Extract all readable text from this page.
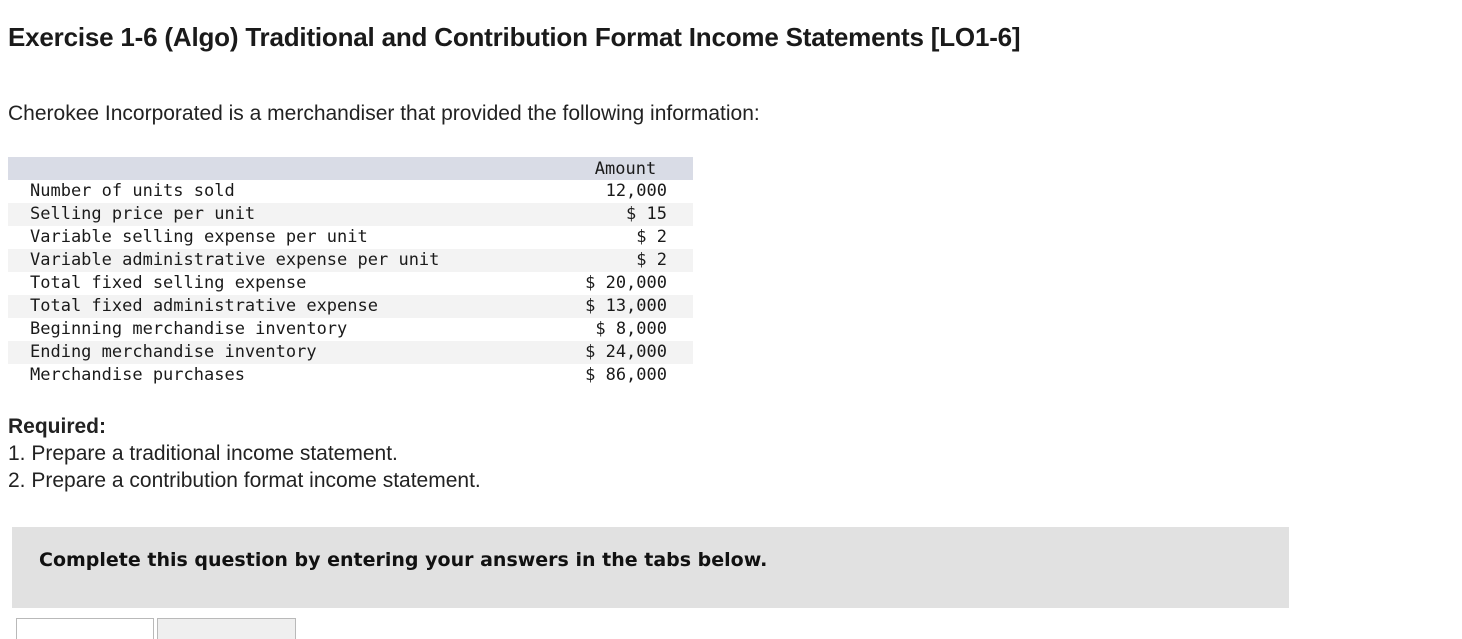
Exercise 1-6 (Algo) Traditional and Contribution Format Income Statements [LO1-6]
Cherokee Incorporated is a merchandiser that provided the following information:
	Amount
Number of units sold	12,000
Selling price per unit	$ 15
Variable selling expense per unit	$ 2
Variable administrative expense per unit	$ 2
Total fixed selling expense	$ 20,000
Total fixed administrative expense	$ 13,000
Beginning merchandise inventory	$ 8,000
Ending merchandise inventory	$ 24,000
Merchandise purchases	$ 86,000
Required:
1. Prepare a traditional income statement.
2. Prepare a contribution format income statement.
Complete this question by entering your answers in the tabs below.
